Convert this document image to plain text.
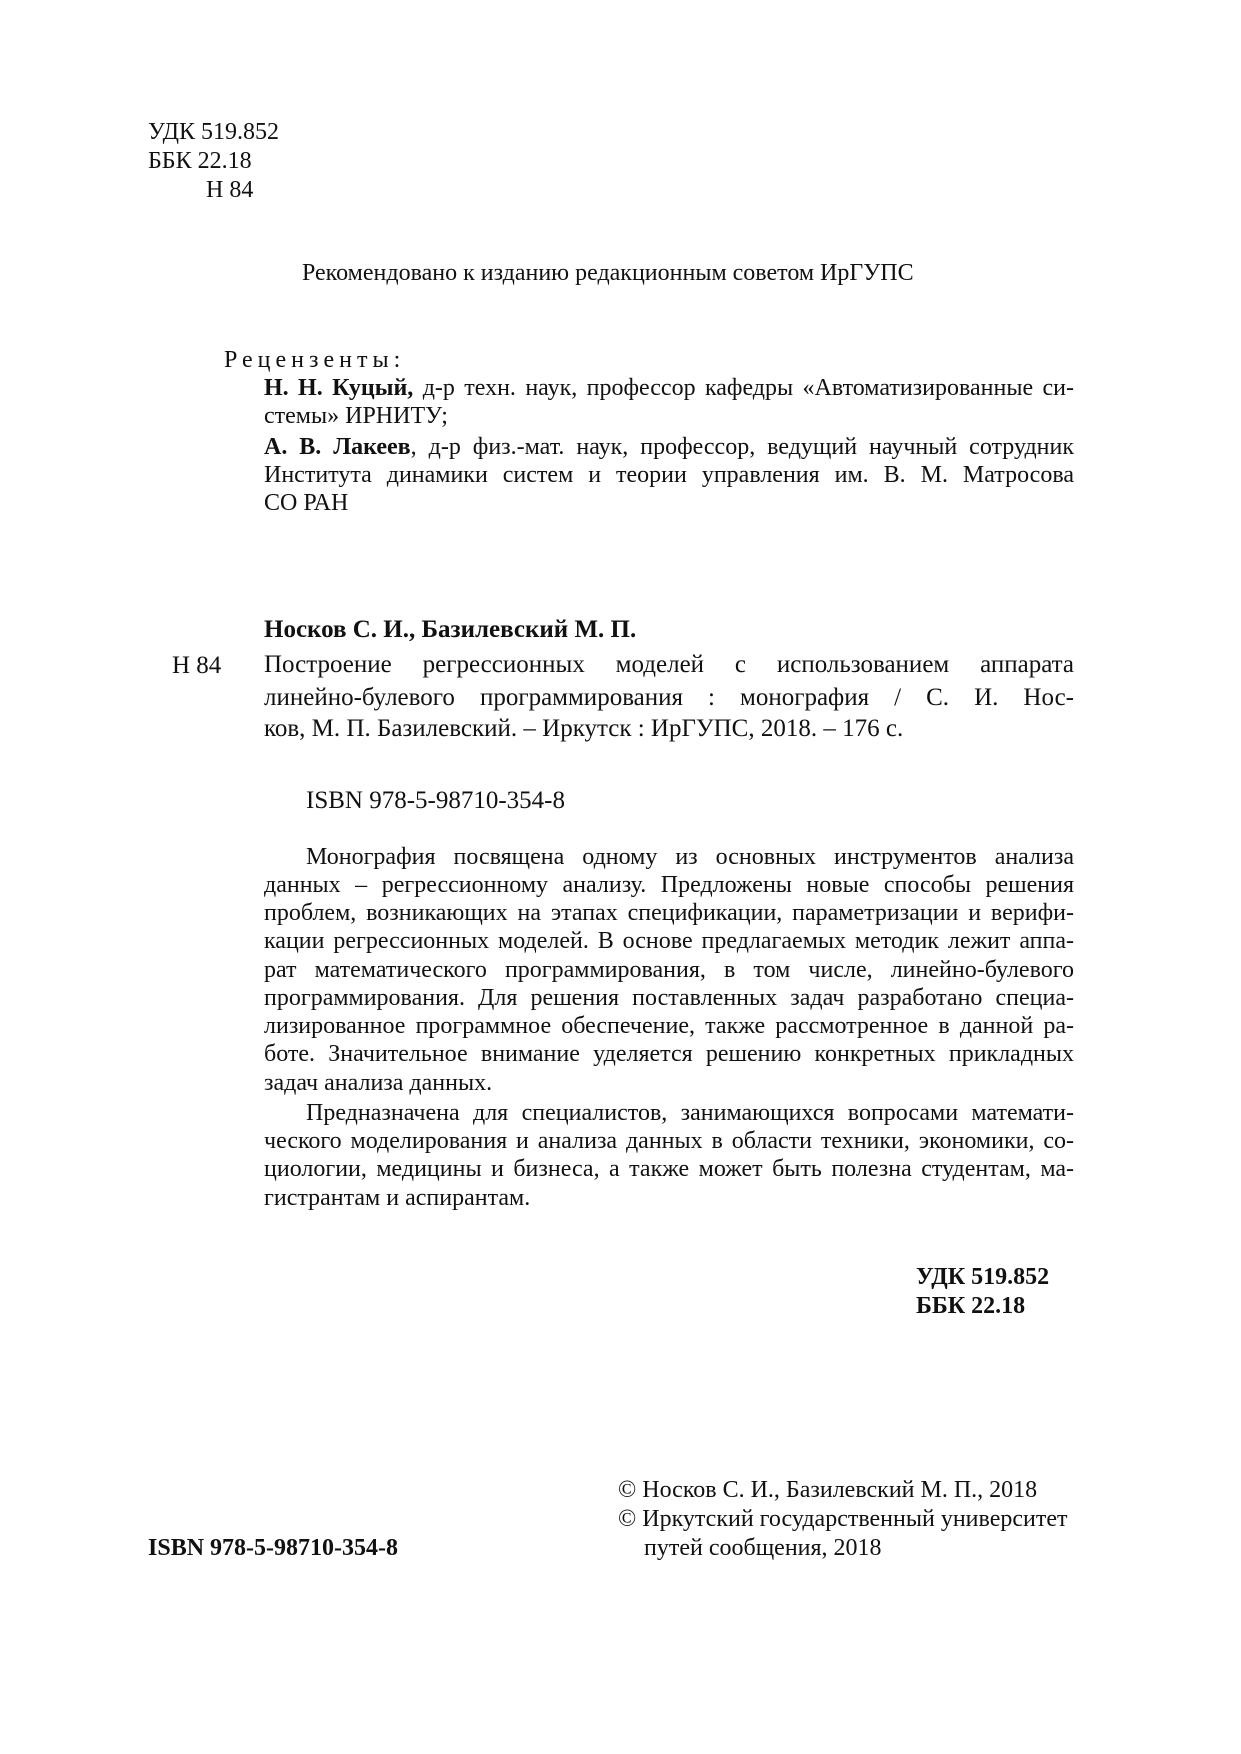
УДК 519.852
ББК 22.18
Н 84
Рекомендовано к изданию редакционным советом ИрГУПС
Рецензенты:
Н. Н. Куцый, д-р техн. наук, профессор кафедры «Автоматизированные си-
стемы» ИРНИТУ;
А. В. Лакеев, д-р физ.-мат. наук, профессор, ведущий научный сотрудник
Института динамики систем и теории управления им. В. М. Матросова
СО РАН
Носков С. И., Базилевский М. П.
Н 84 Построение регрессионных моделей с использованием аппарата
линейно-булевого программирования : монография / С. И. Нос-
ков, М. П. Базилевский. – Иркутск : ИрГУПС, 2018. – 176 с.
ISBN 978-5-98710-354-8
Монография посвящена одному из основных инструментов анализа
данных – регрессионному анализу. Предложены новые способы решения
проблем, возникающих на этапах спецификации, параметризации и верифи-
кации регрессионных моделей. В основе предлагаемых методик лежит аппа-
рат математического программирования, в том числе, линейно-булевого
программирования. Для решения поставленных задач разработано специа-
лизированное программное обеспечение, также рассмотренное в данной ра-
боте. Значительное внимание уделяется решению конкретных прикладных
задач анализа данных.
Предназначена для специалистов, занимающихся вопросами математи-
ческого моделирования и анализа данных в области техники, экономики, со-
циологии, медицины и бизнеса, а также может быть полезна студентам, ма-
гистрантам и аспирантам.
УДК 519.852
ББК 22.18
© Носков С. И., Базилевский М. П., 2018
© Иркутский государственный университет
путей сообщения, 2018
ISBN 978-5-98710-354-8
